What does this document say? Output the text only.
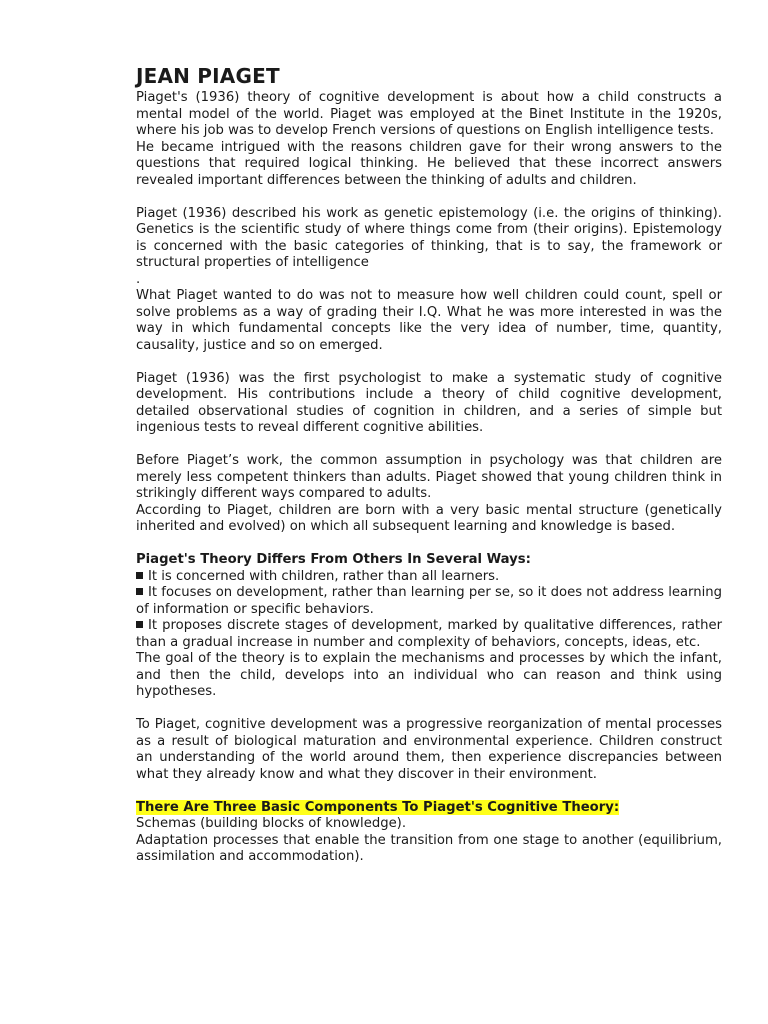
JEAN PIAGET

Piaget's (1936) theory of cognitive development is about how a child constructs a mental model of the world. Piaget was employed at the Binet Institute in the 1920s, where his job was to develop French versions of questions on English intelligence tests.

He became intrigued with the reasons children gave for their wrong answers to the questions that required logical thinking. He believed that these incorrect answers revealed important differences between the thinking of adults and children.

Piaget (1936) described his work as genetic epistemology (i.e. the origins of thinking). Genetics is the scientific study of where things come from (their origins). Epistemology is concerned with the basic categories of thinking, that is to say, the framework or structural properties of intelligence

.

What Piaget wanted to do was not to measure how well children could count, spell or solve problems as a way of grading their I.Q. What he was more interested in was the way in which fundamental concepts like the very idea of number, time, quantity, causality, justice and so on emerged.

Piaget (1936) was the first psychologist to make a systematic study of cognitive development. His contributions include a theory of child cognitive development, detailed observational studies of cognition in children, and a series of simple but ingenious tests to reveal different cognitive abilities.

Before Piaget’s work, the common assumption in psychology was that children are merely less competent thinkers than adults. Piaget showed that young children think in strikingly different ways compared to adults.

According to Piaget, children are born with a very basic mental structure (genetically inherited and evolved) on which all subsequent learning and knowledge is based.

Piaget's Theory Differs From Others In Several Ways:

It is concerned with children, rather than all learners.

It focuses on development, rather than learning per se, so it does not address learning of information or specific behaviors.

It proposes discrete stages of development, marked by qualitative differences, rather than a gradual increase in number and complexity of behaviors, concepts, ideas, etc.

The goal of the theory is to explain the mechanisms and processes by which the infant, and then the child, develops into an individual who can reason and think using hypotheses.

To Piaget, cognitive development was a progressive reorganization of mental processes as a result of biological maturation and environmental experience. Children construct an understanding of the world around them, then experience discrepancies between what they already know and what they discover in their environment.

There Are Three Basic Components To Piaget's Cognitive Theory:

Schemas (building blocks of knowledge).

Adaptation processes that enable the transition from one stage to another (equilibrium, assimilation and accommodation).
